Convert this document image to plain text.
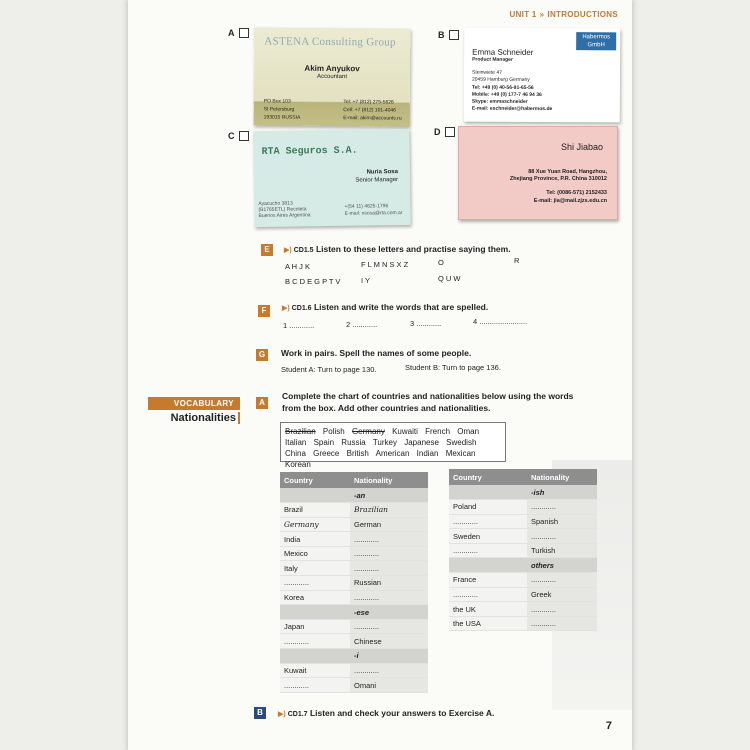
UNIT 1 » INTRODUCTIONS
A	B
C	D
ASTENA Consulting Group
Akim Anyukov
Accountant
PO Box 103
St Petersburg
193015 RUSSIA
Tel: +7 (812) 275-5626
Cell: +7 (812) 101-4046
E-mail: akim@accounts.ru
Habermos GmbH
Emma Schneider
Product Manager
Steinwiete 47
20459 Hamburg Germany
Tel: +49 (0) 40-56-91-65-56
Mobile: +49 (0) 177-7 46 94 36
Skype: emmaschneider
E-mail: eschneider@habermos.de
RTA Seguros S.A.
Nuria Sosa
Senior Manager
Ayacucho 3813
(B1765ETL) Recoleta
Buenos Aires Argentina
+(54 11) 4625-1796
E-mail: nsosa@rta.com.ar
Shi Jiabao
88 Xue Yuan Road, Hangzhou,
Zhejiang Province, P.R. China 310012
Tel: (0086-571) 2152433
E-mail: jia@mail.zjzs.edu.cn
E	▶) CD1.5 Listen to these letters and practise saying them.
A H J K
B C D E G P T V
F L M N S X Z
I Y
O
Q U W
R
F	▶) CD1.6 Listen and write the words that are spelled.
1 ............	2 ............	3 ............	4 .......................
G	Work in pairs. Spell the names of some people.
Student A: Turn to page 130.	Student B: Turn to page 136.
VOCABULARY
Nationalities
A
Complete the chart of countries and nationalities below using the words
from the box. Add other countries and nationalities.
Brazilian Polish Germany Kuwaiti French Oman
Italian Spain Russia Turkey Japanese Swedish
China Greece British American Indian Mexican Korean
Country	Nationality
	-an
Brazil	Brazilian
Germany	German
India	............
Mexico	............
Italy	............
............	Russian
Korea	............
	-ese
Japan	............
............	Chinese
	-i
Kuwait	............
............	Omani
Country	Nationality
	-ish
Poland	............
............	Spanish
Sweden	............
............	Turkish
	others
France	............
............	Greek
the UK	............
the USA	............
B	▶) CD1.7 Listen and check your answers to Exercise A.
7
